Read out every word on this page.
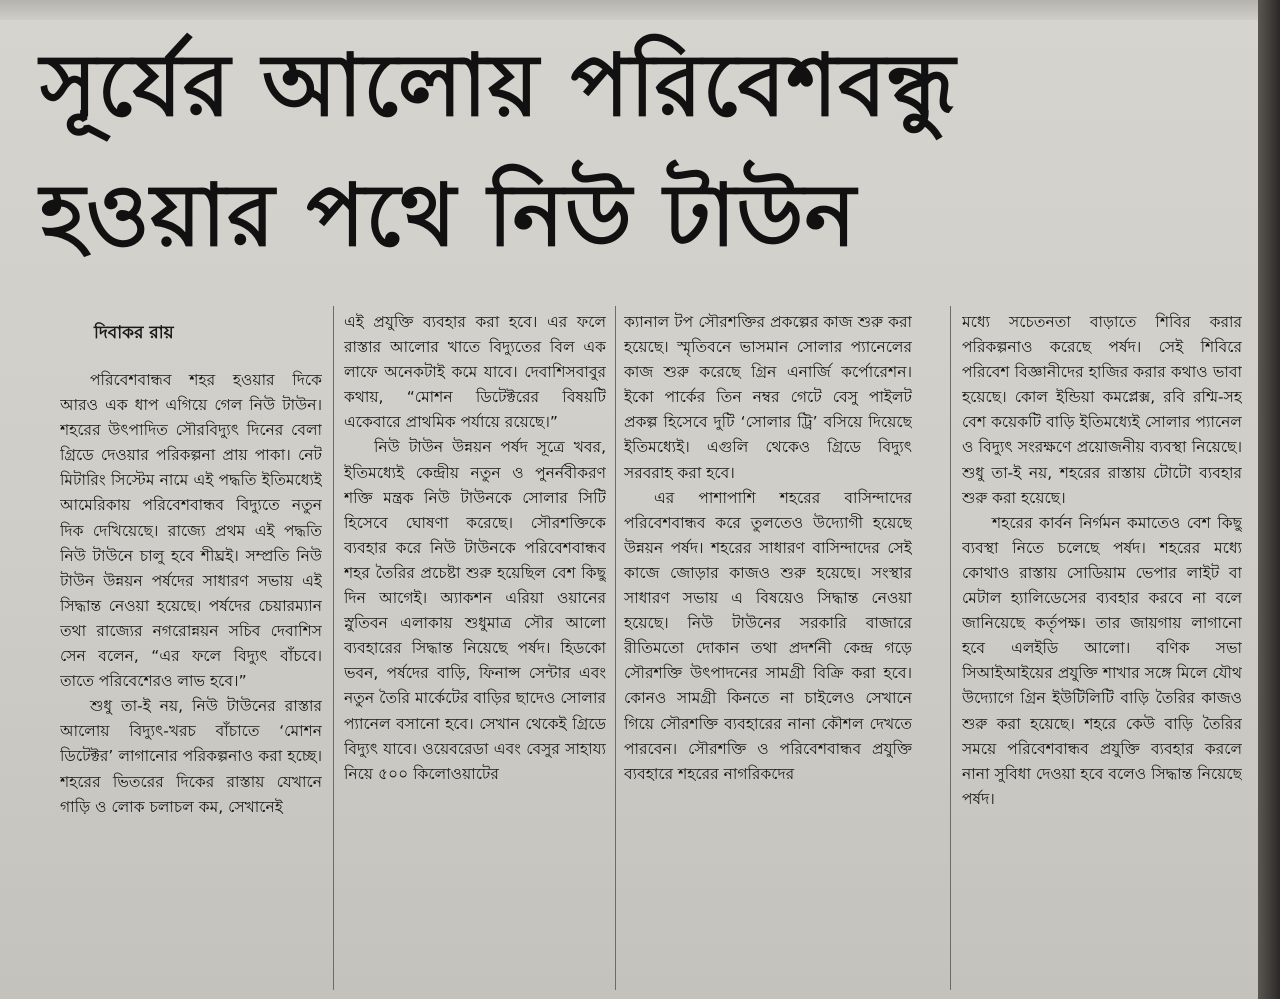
সূর্যের আলোয় পরিবেশবন্ধু
হওয়ার পথে নিউ টাউন

দিবাকর রায়

পরিবেশবান্ধব শহর হওয়ার দিকে আরও এক ধাপ এগিয়ে গেল নিউ টাউন। শহরের উৎপাদিত সৌরবিদ্যুৎ দিনের বেলা গ্রিডে দেওয়ার পরিকল্পনা প্রায় পাকা। নেট মিটারিং সিস্টেম নামে এই পদ্ধতি ইতিমধ্যেই আমেরিকায় পরিবেশবান্ধব বিদ্যুতে নতুন দিক দেখিয়েছে। রাজ্যে প্রথম এই পদ্ধতি নিউ টাউনে চালু হবে শীঘ্রই। সম্প্রতি নিউ টাউন উন্নয়ন পর্ষদের সাধারণ সভায় এই সিদ্ধান্ত নেওয়া হয়েছে। পর্ষদের চেয়ারম্যান তথা রাজ্যের নগরোন্নয়ন সচিব দেবাশিস সেন বলেন, “এর ফলে বিদ্যুৎ বাঁচবে। তাতে পরিবেশেরও লাভ হবে।”

শুধু তা-ই নয়, নিউ টাউনের রাস্তার আলোয় বিদ্যুৎ-খরচ বাঁচাতে ‘মোশন ডিটেক্টর’ লাগানোর পরিকল্পনাও করা হচ্ছে। শহরের ভিতরের দিকের রাস্তায় যেখানে গাড়ি ও লোক চলাচল কম, সেখানেই

এই প্রযুক্তি ব্যবহার করা হবে। এর ফলে রাস্তার আলোর খাতে বিদ্যুতের বিল এক লাফে অনেকটাই কমে যাবে। দেবাশিসবাবুর কথায়, “মোশন ডিটেক্টরের বিষয়টি একেবারে প্রাথমিক পর্যায়ে রয়েছে।”

নিউ টাউন উন্নয়ন পর্ষদ সূত্রে খবর, ইতিমধ্যেই কেন্দ্রীয় নতুন ও পুনর্নবীকরণ শক্তি মন্ত্রক নিউ টাউনকে সোলার সিটি হিসেবে ঘোষণা করেছে। সৌরশক্তিকে ব্যবহার করে নিউ টাউনকে পরিবেশবান্ধব শহর তৈরির প্রচেষ্টা শুরু হয়েছিল বেশ কিছু দিন আগেই। অ্যাকশন এরিয়া ওয়ানের স্নুতিবন এলাকায় শুধুমাত্র সৌর আলো ব্যবহারের সিদ্ধান্ত নিয়েছে পর্ষদ। হিডকো ভবন, পর্ষদের বাড়ি, ফিনান্স সেন্টার এবং নতুন তৈরি মার্কেটের বাড়ির ছাদেও সোলার প্যানেল বসানো হবে। সেখান থেকেই গ্রিডে বিদ্যুৎ যাবে। ওয়েবরেডা এবং বেসুর সাহায্য নিয়ে ৫০০ কিলোওয়াটের

ক্যানাল টপ সৌরশক্তির প্রকল্পের কাজ শুরু করা হয়েছে। স্মৃতিবনে ভাসমান সোলার প্যানেলের কাজ শুরু করেছে গ্রিন এনার্জি কর্পোরেশন। ইকো পার্কের তিন নম্বর গেটে বেসু পাইলট প্রকল্প হিসেবে দুটি ‘সোলার ট্রি’ বসিয়ে দিয়েছে ইতিমধ্যেই। এগুলি থেকেও গ্রিডে বিদ্যুৎ সরবরাহ করা হবে।

এর পাশাপাশি শহরের বাসিন্দাদের পরিবেশবান্ধব করে তুলতেও উদ্যোগী হয়েছে উন্নয়ন পর্ষদ। শহরের সাধারণ বাসিন্দাদের সেই কাজে জোড়ার কাজও শুরু হয়েছে। সংস্থার সাধারণ সভায় এ বিষয়েও সিদ্ধান্ত নেওয়া হয়েছে। নিউ টাউনের সরকারি বাজারে রীতিমতো দোকান তথা প্রদর্শনী কেন্দ্র গড়ে সৌরশক্তি উৎপাদনের সামগ্রী বিক্রি করা হবে। কোনও সামগ্রী কিনতে না চাইলেও সেখানে গিয়ে সৌরশক্তি ব্যবহারের নানা কৌশল দেখতে পারবেন। সৌরশক্তি ও পরিবেশবান্ধব প্রযুক্তি ব্যবহারে শহরের নাগরিকদের

মধ্যে সচেতনতা বাড়াতে শিবির করার পরিকল্পনাও করেছে পর্ষদ। সেই শিবিরে পরিবেশ বিজ্ঞানীদের হাজির করার কথাও ভাবা হয়েছে। কোল ইন্ডিয়া কমপ্লেক্স, রবি রশ্মি-সহ বেশ কয়েকটি বাড়ি ইতিমধ্যেই সোলার প্যানেল ও বিদ্যুৎ সংরক্ষণে প্রয়োজনীয় ব্যবস্থা নিয়েছে। শুধু তা-ই নয়, শহরের রাস্তায় টোটো ব্যবহার শুরু করা হয়েছে।

শহরের কার্বন নির্গমন কমাতেও বেশ কিছু ব্যবস্থা নিতে চলেছে পর্ষদ। শহরের মধ্যে কোথাও রাস্তায় সোডিয়াম ভেপার লাইট বা মেটাল হ্যালিডেসের ব্যবহার করবে না বলে জানিয়েছে কর্তৃপক্ষ। তার জায়গায় লাগানো হবে এলইডি আলো। বণিক সভা সিআইআইয়ের প্রযুক্তি শাখার সঙ্গে মিলে যৌথ উদ্যোগে গ্রিন ইউটিলিটি বাড়ি তৈরির কাজও শুরু করা হয়েছে। শহরে কেউ বাড়ি তৈরির সময়ে পরিবেশবান্ধব প্রযুক্তি ব্যবহার করলে নানা সুবিধা দেওয়া হবে বলেও সিদ্ধান্ত নিয়েছে পর্ষদ।
